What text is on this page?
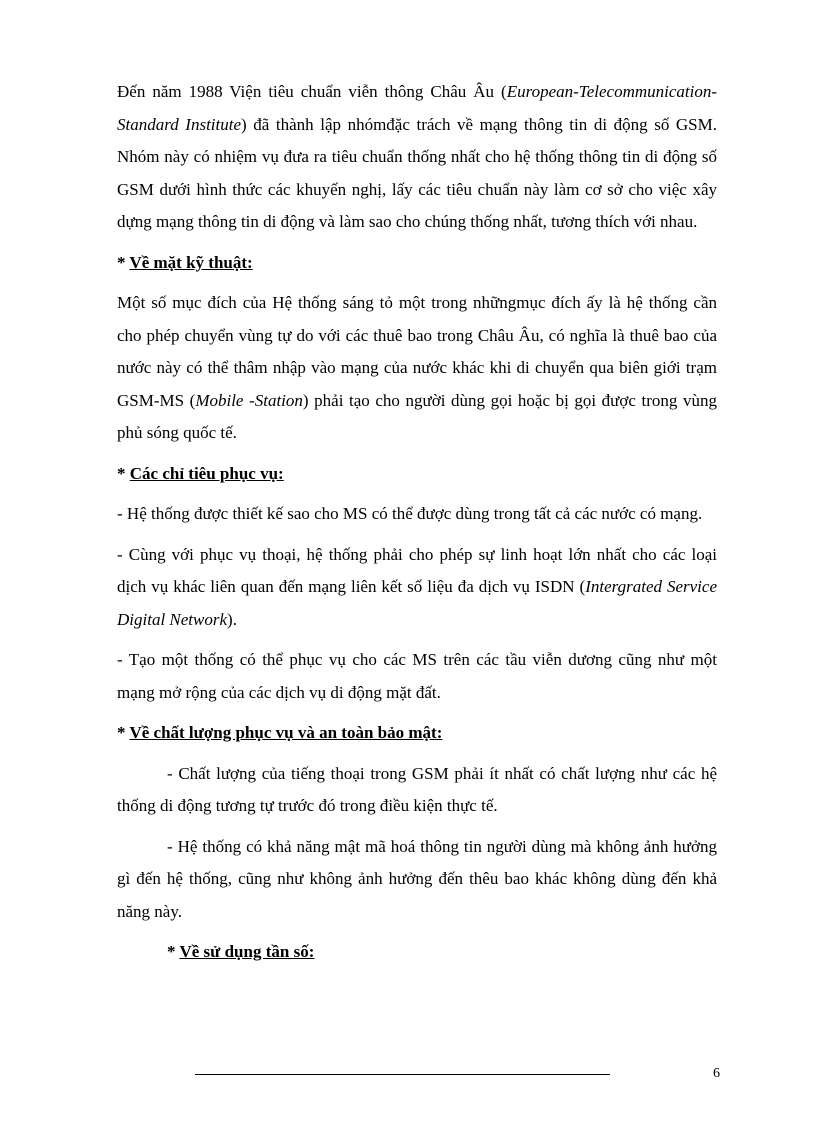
Đến năm 1988 Viện tiêu chuẩn viễn thông Châu Âu (European-Telecommunication-Standard Institute) đã thành lập nhómđặc trách về mạng thông tin di động số GSM. Nhóm này có nhiệm vụ đưa ra tiêu chuẩn thống nhất cho hệ thống thông tin di động số GSM dưới hình thức các khuyến nghị, lấy các tiêu chuẩn này làm cơ sở cho việc xây dựng mạng thông tin di động và làm sao cho chúng thống nhất, tương thích với nhau.

* Về mặt kỹ thuật:

Một số mục đích của Hệ thống sáng tỏ một trong nhữngmục đích ấy là hệ thống cần cho phép chuyển vùng tự do với các thuê bao trong Châu Âu, có nghĩa là thuê bao của nước này có thể thâm nhập vào mạng của nước khác khi di chuyển qua biên giới trạm GSM-MS (Mobile -Station) phải tạo cho người dùng gọi hoặc bị gọi được trong vùng phủ sóng quốc tế.

* Các chỉ tiêu phục vụ:

- Hệ thống được thiết kế sao cho MS có thể được dùng trong tất cả các nước có mạng.

- Cùng với phục vụ thoại, hệ thống phải cho phép sự linh hoạt lớn nhất cho các loại dịch vụ khác liên quan đến mạng liên kết số liệu đa dịch vụ ISDN (Intergrated Service Digital Network).

- Tạo một thống có thể phục vụ cho các MS trên các tầu viễn dương cũng như một mạng mở rộng của các dịch vụ di động mặt đất.

* Về chất lượng phục vụ và an toàn bảo mật:

- Chất lượng của tiếng thoại trong GSM phải ít nhất có chất lượng như các hệ thống di động tương tự trước đó trong điều kiện thực tế.

- Hệ thống có khả năng mật mã hoá thông tin người dùng mà không ảnh hưởng gì đến hệ thống, cũng như không ảnh hưởng đến thêu bao khác không dùng đến khả năng này.

* Về sử dụng tần số:

6
